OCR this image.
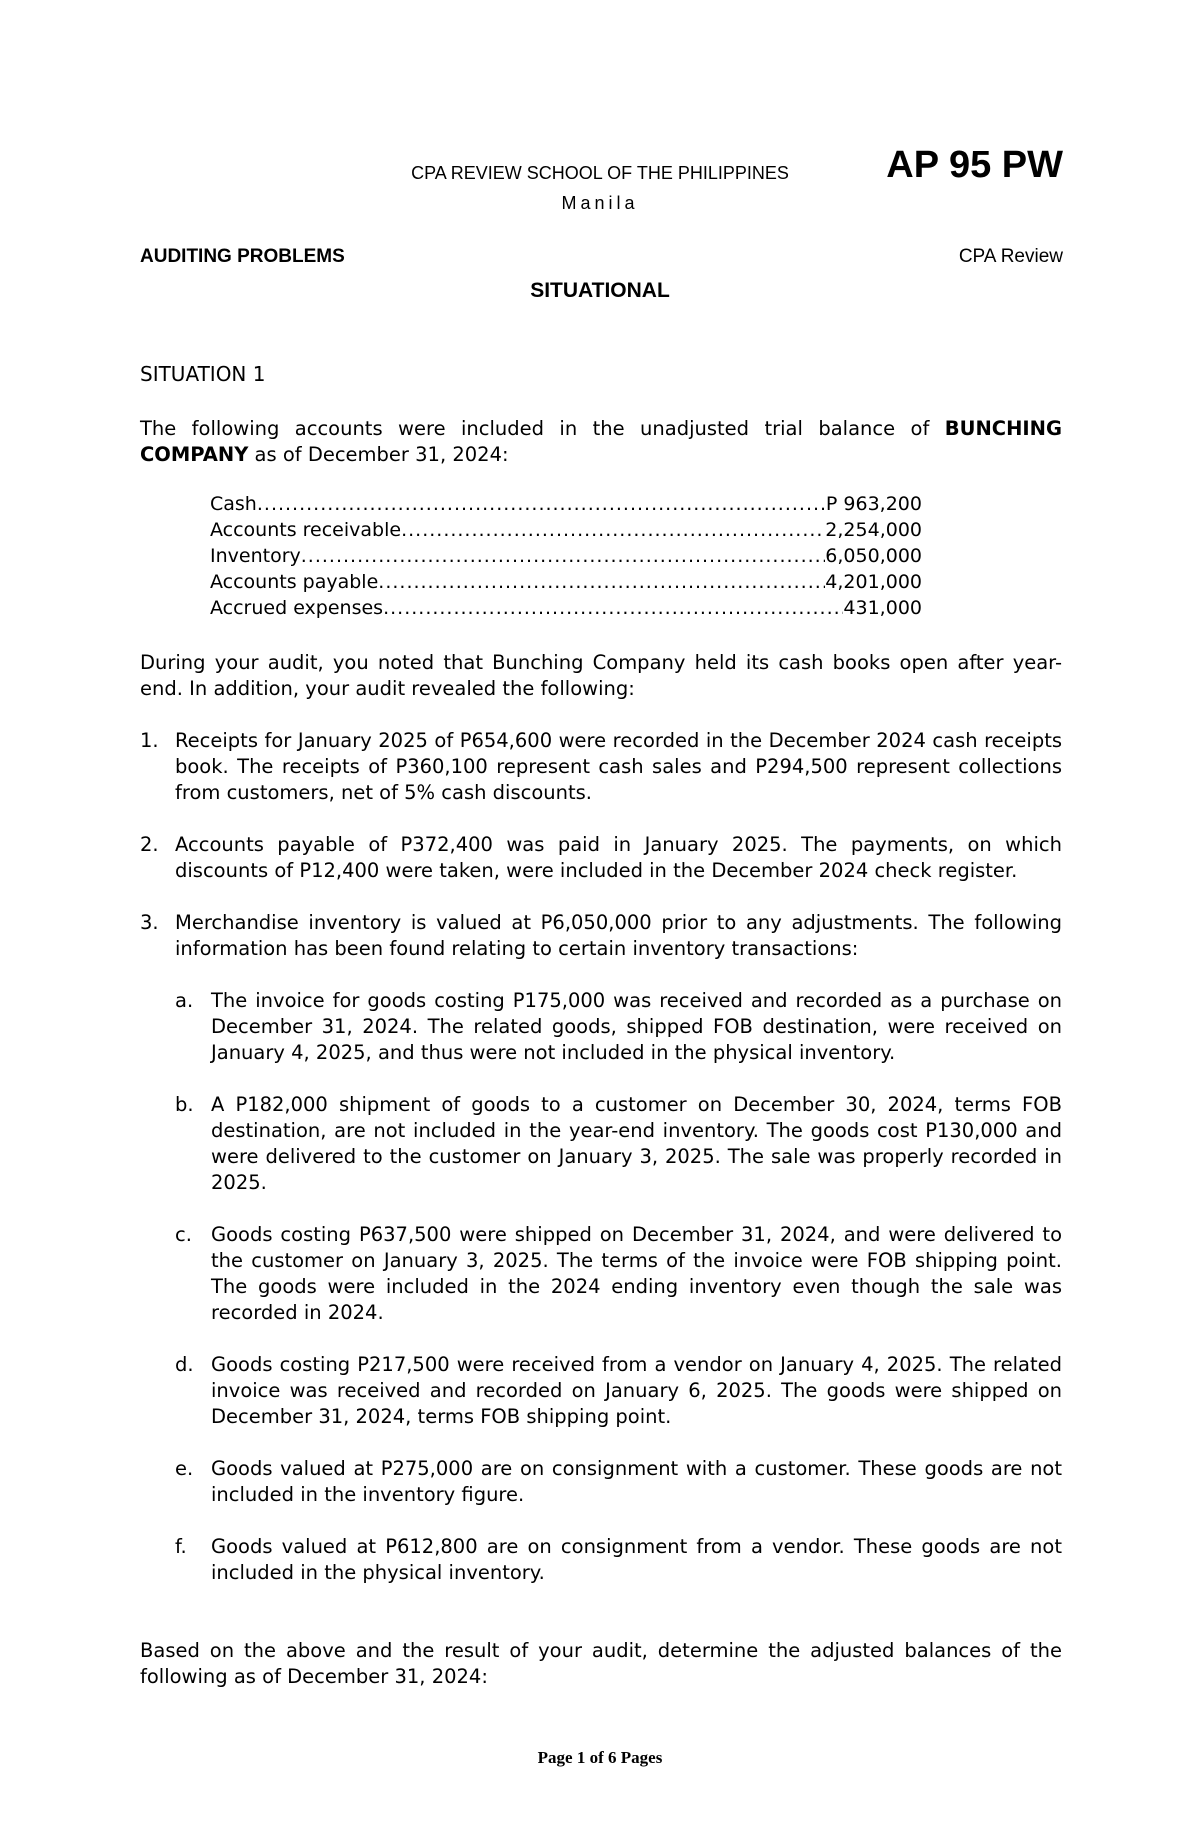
CPA REVIEW SCHOOL OF THE PHILIPPINES
Manila
AP 95 PW
AUDITING PROBLEMS	CPA Review
SITUATIONAL
SITUATION 1
The following accounts were included in the unadjusted trial balance of BUNCHING COMPANY as of December 31, 2024:
Cash .....	P 963,200
Accounts receivable .....	2,254,000
Inventory .....	6,050,000
Accounts payable .....	4,201,000
Accrued expenses .....	431,000
During your audit, you noted that Bunching Company held its cash books open after year-end. In addition, your audit revealed the following:
1. Receipts for January 2025 of P654,600 were recorded in the December 2024 cash receipts book. The receipts of P360,100 represent cash sales and P294,500 represent collections from customers, net of 5% cash discounts.
2. Accounts payable of P372,400 was paid in January 2025. The payments, on which discounts of P12,400 were taken, were included in the December 2024 check register.
3. Merchandise inventory is valued at P6,050,000 prior to any adjustments. The following information has been found relating to certain inventory transactions:
a. The invoice for goods costing P175,000 was received and recorded as a purchase on December 31, 2024. The related goods, shipped FOB destination, were received on January 4, 2025, and thus were not included in the physical inventory.
b. A P182,000 shipment of goods to a customer on December 30, 2024, terms FOB destination, are not included in the year-end inventory. The goods cost P130,000 and were delivered to the customer on January 3, 2025. The sale was properly recorded in 2025.
c. Goods costing P637,500 were shipped on December 31, 2024, and were delivered to the customer on January 3, 2025. The terms of the invoice were FOB shipping point. The goods were included in the 2024 ending inventory even though the sale was recorded in 2024.
d. Goods costing P217,500 were received from a vendor on January 4, 2025. The related invoice was received and recorded on January 6, 2025. The goods were shipped on December 31, 2024, terms FOB shipping point.
e. Goods valued at P275,000 are on consignment with a customer. These goods are not included in the inventory figure.
f. Goods valued at P612,800 are on consignment from a vendor. These goods are not included in the physical inventory.
Based on the above and the result of your audit, determine the adjusted balances of the following as of December 31, 2024:
Page 1 of 6 Pages
